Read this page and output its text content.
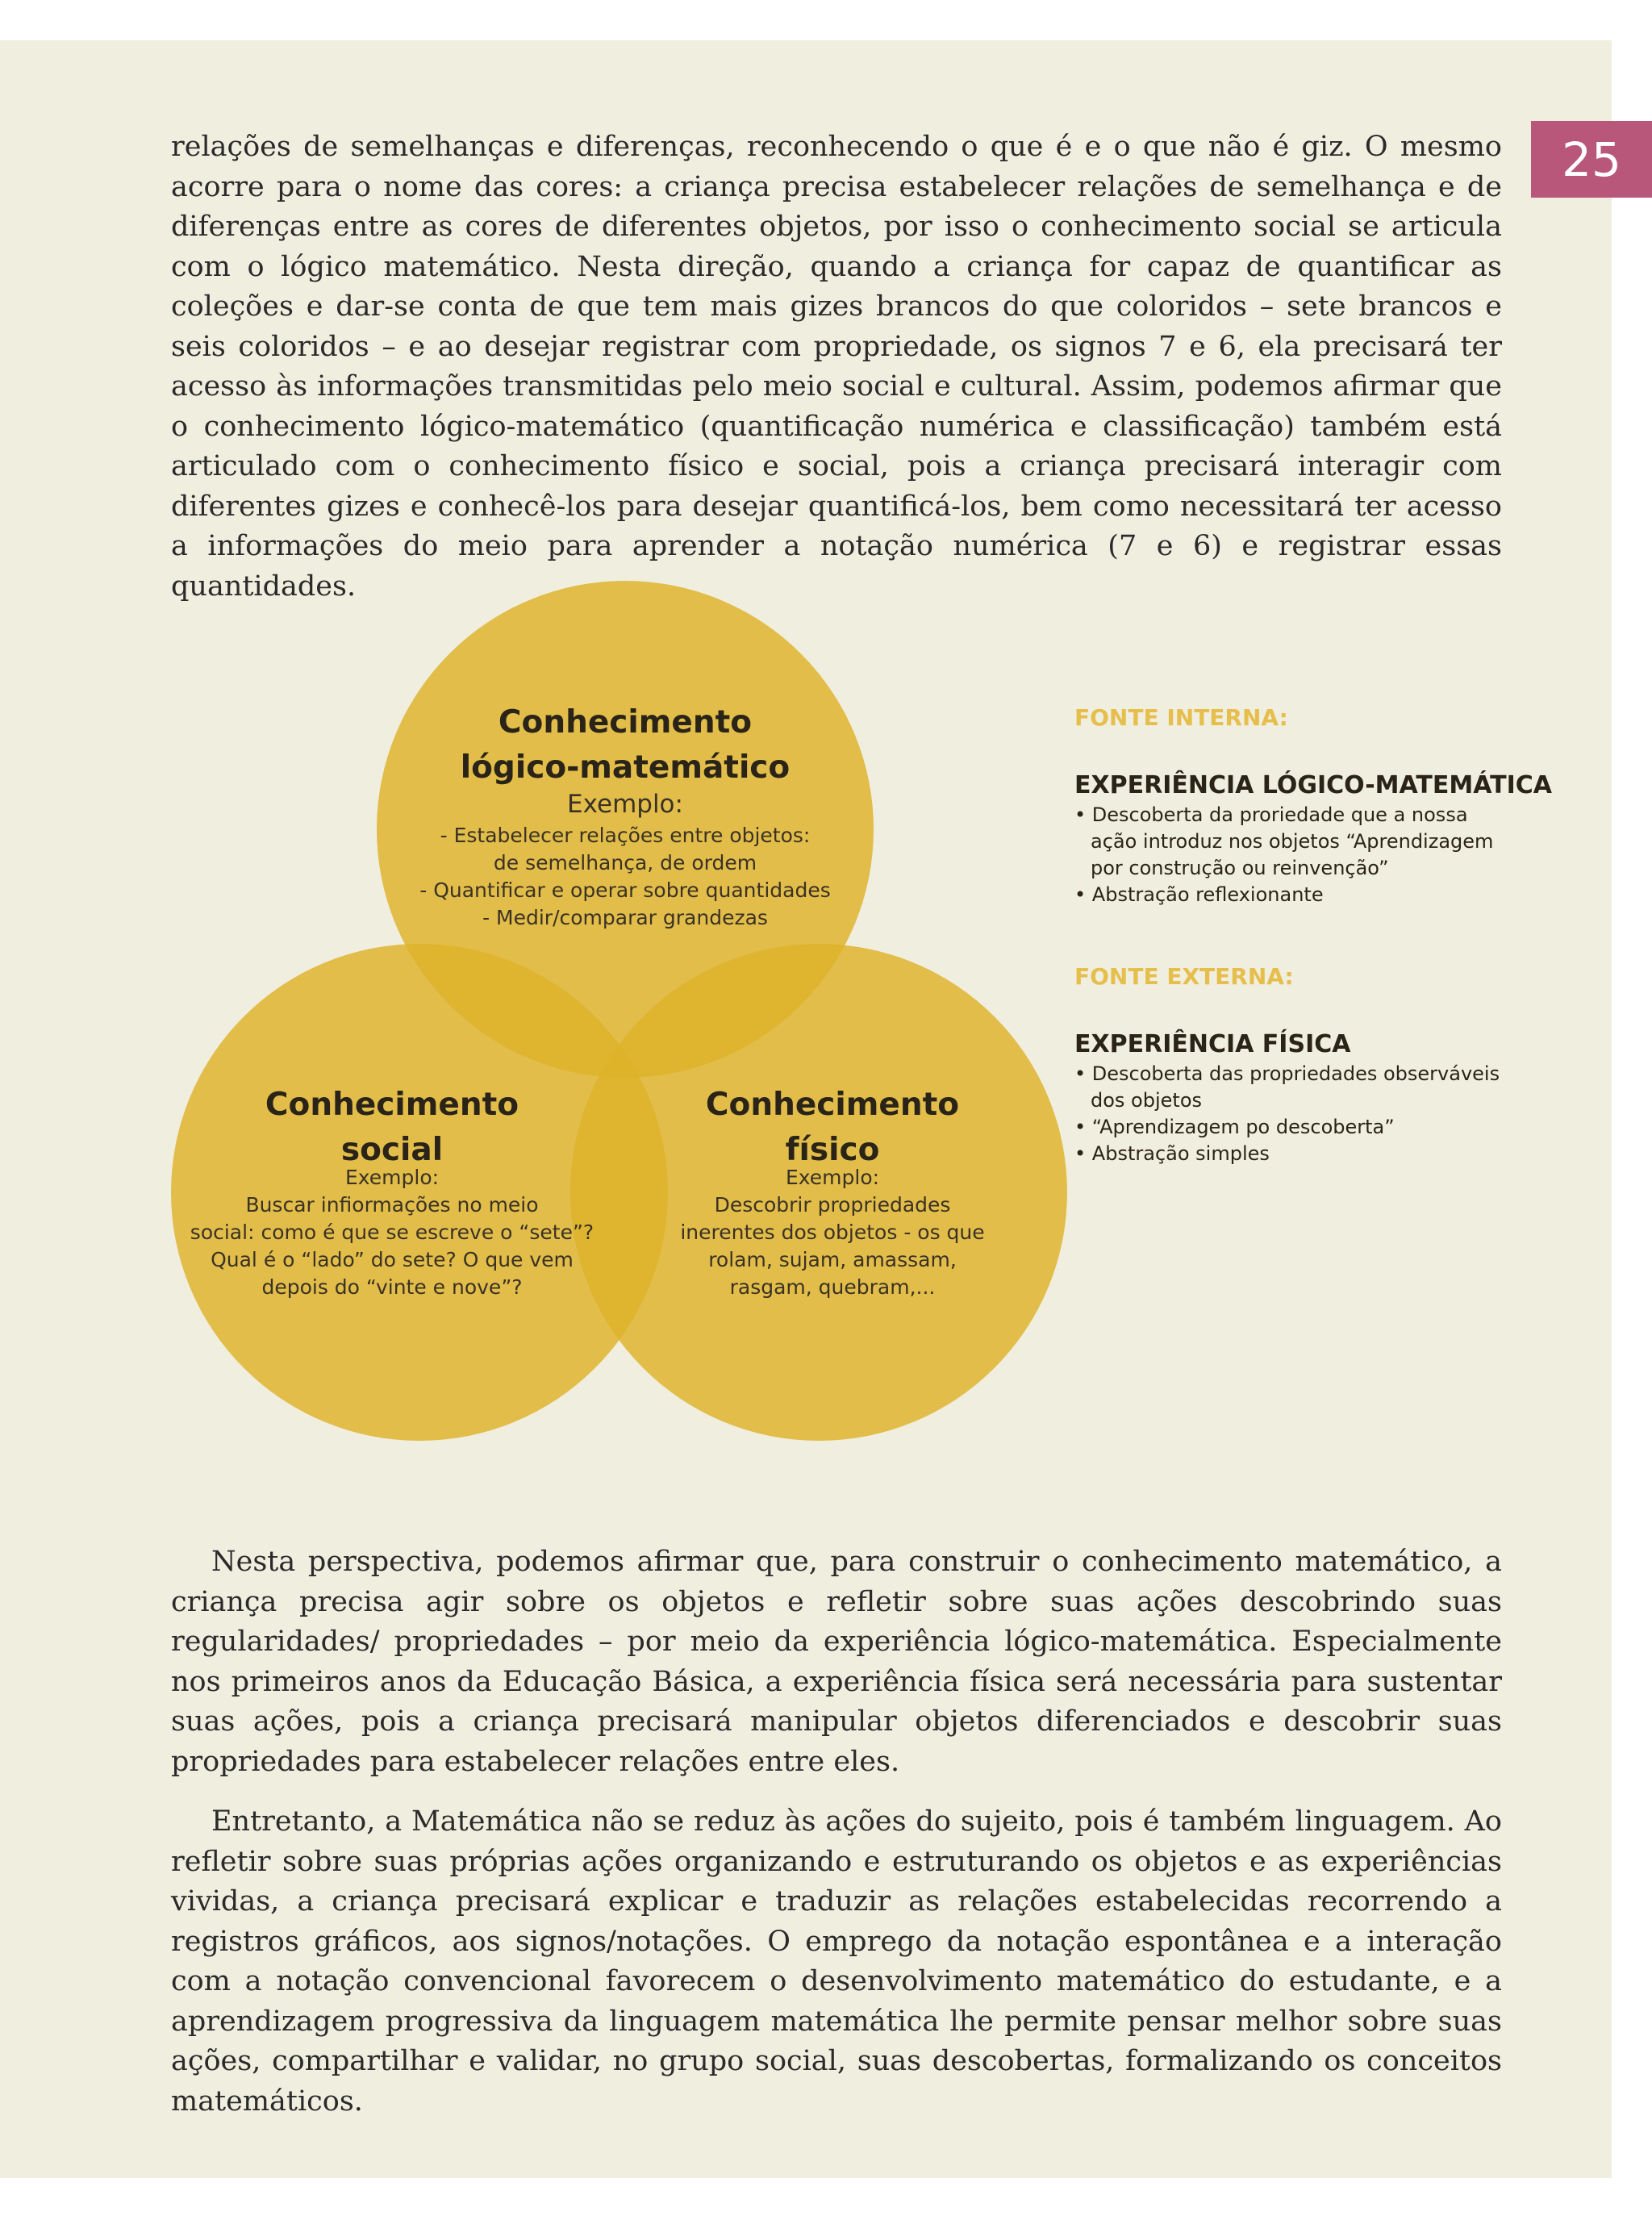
25

relações de semelhanças e diferenças, reconhecendo o que é e o que não é giz. O mesmo acorre para o nome das cores: a criança precisa estabelecer relações de semelhança e de diferenças entre as cores de diferentes objetos, por isso o conhecimento social se articula com o lógico matemático. Nesta direção, quando a criança for capaz de quantificar as coleções e dar-se conta de que tem mais gizes brancos do que coloridos – sete brancos e seis coloridos – e ao desejar registrar com propriedade, os signos 7 e 6, ela precisará ter acesso às informações transmitidas pelo meio social e cultural. Assim, podemos afirmar que o conhecimento lógico-matemático (quantificação numérica e classificação) também está articulado com o conhecimento físico e social, pois a criança precisará interagir com diferentes gizes e conhecê-los para desejar quantificá-los, bem como necessitará ter acesso a informações do meio para aprender a notação numérica (7 e 6) e registrar essas quantidades.

Conhecimento
lógico-matemático
Exemplo:
- Estabelecer relações entre objetos:
de semelhança, de ordem
- Quantificar e operar sobre quantidades
- Medir/comparar grandezas
Conhecimento
social
Exemplo:
Buscar infiormações no meio
social: como é que se escreve o “sete”?
Qual é o “lado” do sete? O que vem
depois do “vinte e nove”?
Conhecimento
físico
Exemplo:
Descobrir propriedades
inerentes dos objetos - os que
rolam, sujam, amassam,
rasgam, quebram,...
FONTE INTERNA:
EXPERIÊNCIA LÓGICO-MATEMÁTICA
• Descoberta da proriedade que a nossa
ação introduz nos objetos “Aprendizagem
por construção ou reinvenção”
• Abstração reflexionante
FONTE EXTERNA:
EXPERIÊNCIA FÍSICA
• Descoberta das propriedades observáveis
dos objetos
• “Aprendizagem po descoberta”
• Abstração simples

Nesta perspectiva, podemos afirmar que, para construir o conhecimento matemático, a criança precisa agir sobre os objetos e refletir sobre suas ações descobrindo suas regularidades/ propriedades – por meio da experiência lógico-matemática. Especialmente nos primeiros anos da Educação Básica, a experiência física será necessária para sustentar suas ações, pois a criança precisará manipular objetos diferenciados e descobrir suas propriedades para estabelecer relações entre eles.

Entretanto, a Matemática não se reduz às ações do sujeito, pois é também linguagem. Ao refletir sobre suas próprias ações organizando e estruturando os objetos e as experiências vividas, a criança precisará explicar e traduzir as relações estabelecidas recorrendo a registros gráficos, aos signos/notações. O emprego da notação espontânea e a interação com a notação convencional favorecem o desenvolvimento matemático do estudante, e a aprendizagem progressiva da linguagem matemática lhe permite pensar melhor sobre suas ações, compartilhar e validar, no grupo social, suas descobertas, formalizando os conceitos matemáticos.
